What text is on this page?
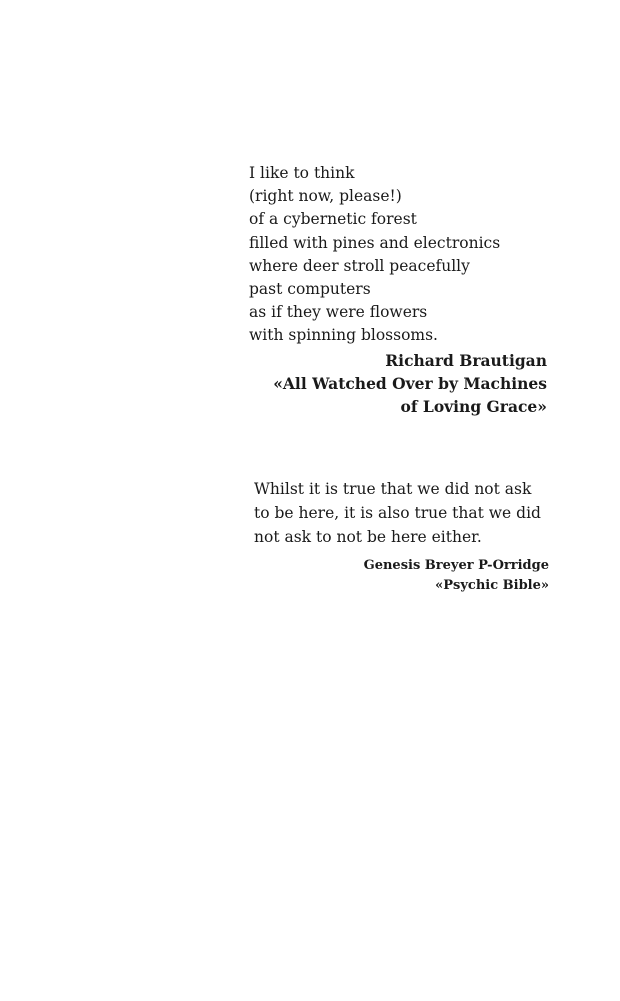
I like to think
(right now, please!)
of a cybernetic forest
filled with pines and electronics
where deer stroll peacefully
past computers
as if they were flowers
with spinning blossoms.
Richard Brautigan
«All Watched Over by Machines
of Loving Grace»

Whilst it is true that we did not ask to be here, it is also true that we did not ask to not be here either.

Genesis Breyer P-Orridge
«Psychic Bible»
